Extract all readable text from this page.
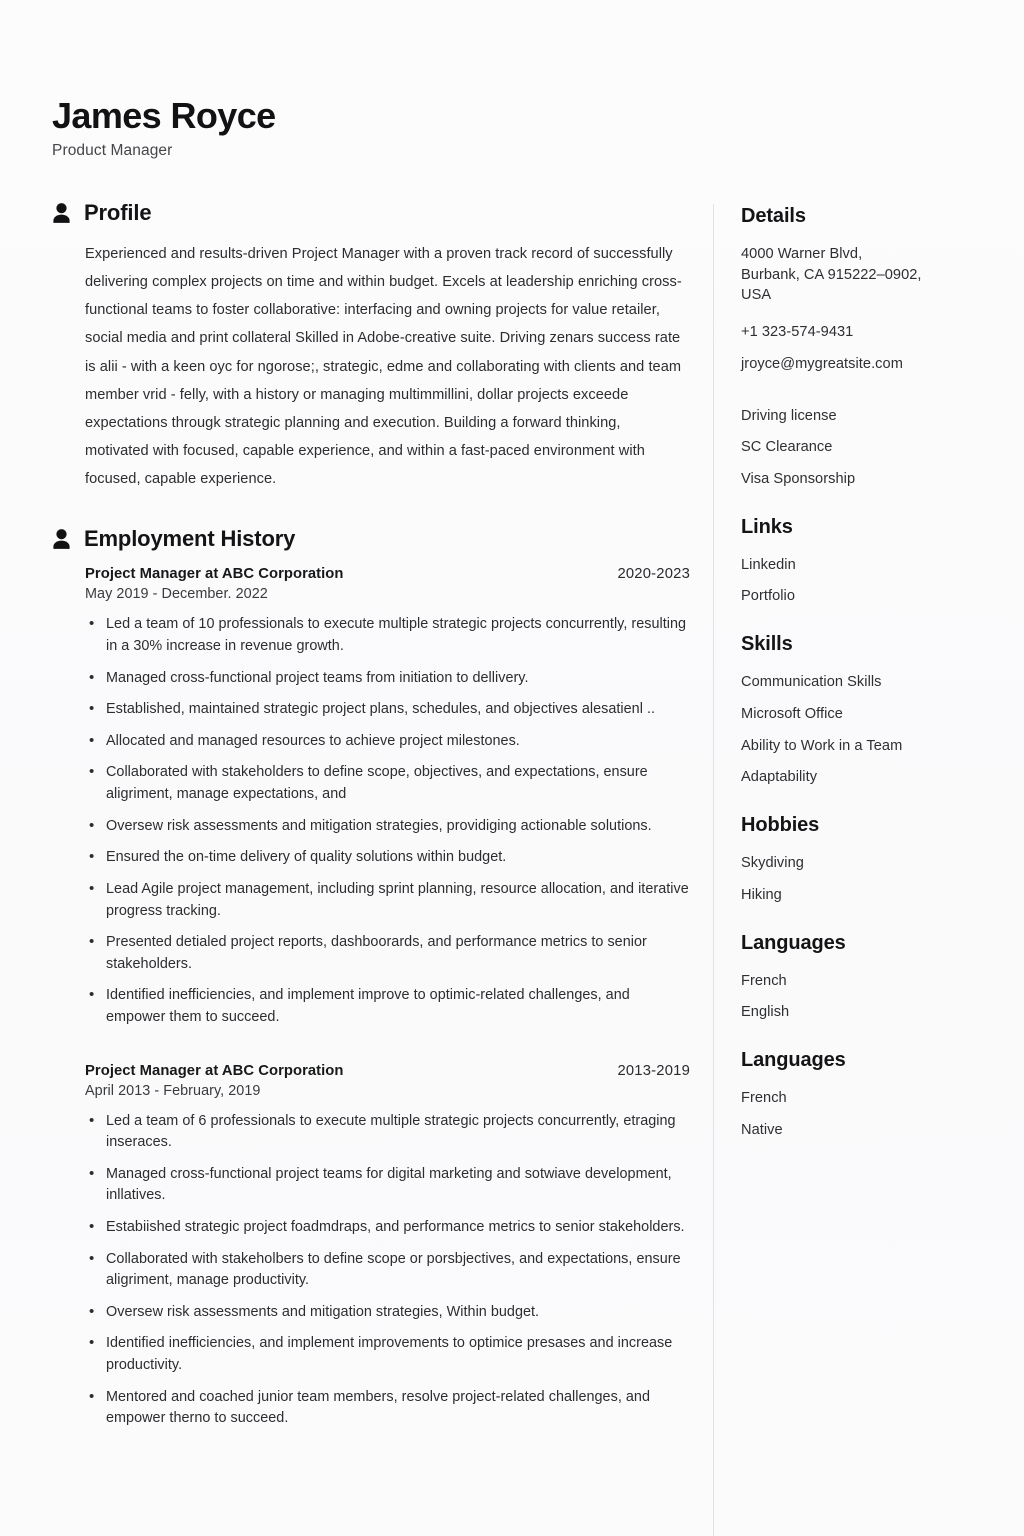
James Royce
Product Manager
Profile

Experienced and results-driven Project Manager with a proven track record of successfully delivering complex projects on time and within budget. Excels at leadership enriching cross-functional teams to foster collaborative: interfacing and owning projects for value retailer, social media and print collateral Skilled in Adobe-creative suite. Driving zenars success rate is alii - with a keen oyc for ngorose;, strategic, edme and collaborating with clients and team member vrid - felly, with a history or managing multimmillini, dollar projects exceede expectations througk strategic planning and execution. Building a forward thinking, motivated with focused, capable experience, and within a fast-paced environment with focused, capable experience.

Employment History
Project Manager at ABC Corporation	2020-2023
May 2019 - December. 2022
• Led a team of 10 professionals to execute multiple strategic projects concurrently, resulting in a 30% increase in revenue growth.
• Managed cross-functional project teams from initiation to dellivery.
• Established, maintained strategic project plans, schedules, and objectives alesatienl ..
• Allocated and managed resources to achieve project milestones.
• Collaborated with stakeholders to define scope, objectives, and expectations, ensure aligriment, manage expectations, and
• Oversew risk assessments and mitigation strategies, providiging actionable solutions.
• Ensured the on-time delivery of quality solutions within budget.
• Lead Agile project management, including sprint planning, resource allocation, and iterative progress tracking.
• Presented detialed project reports, dashboorards, and performance metrics to senior stakeholders.
• Identified inefficiencies, and implement improve to optimic-related challenges, and empower them to succeed.
Project Manager at ABC Corporation	2013-2019
April 2013 - February, 2019
• Led a team of 6 professionals to execute multiple strategic projects concurrently, etraging inseraces.
• Managed cross-functional project teams for digital marketing and sotwiave development, inllatives.
• Estabiished strategic project foadmdraps, and performance metrics to senior stakeholders.
• Collaborated with stakeholbers to define scope or porsbjectives, and expectations, ensure aligriment, manage productivity.
• Oversew risk assessments and mitigation strategies, Within budget.
• Identified inefficiencies, and implement improvements to optimice presases and increase productivity.
• Mentored and coached junior team members, resolve project-related challenges, and empower therno to succeed.
Details
4000 Warner Blvd,
Burbank, CA 915222–0902,
USA
+1 323-574-9431
jroyce@mygreatsite.com
Driving license
SC Clearance
Visa Sponsorship
Links
Linkedin
Portfolio
Skills
Communication Skills
Microsoft Office
Ability to Work in a Team
Adaptability
Hobbies
Skydiving
Hiking
Languages
French
English
Languages
French
Native
